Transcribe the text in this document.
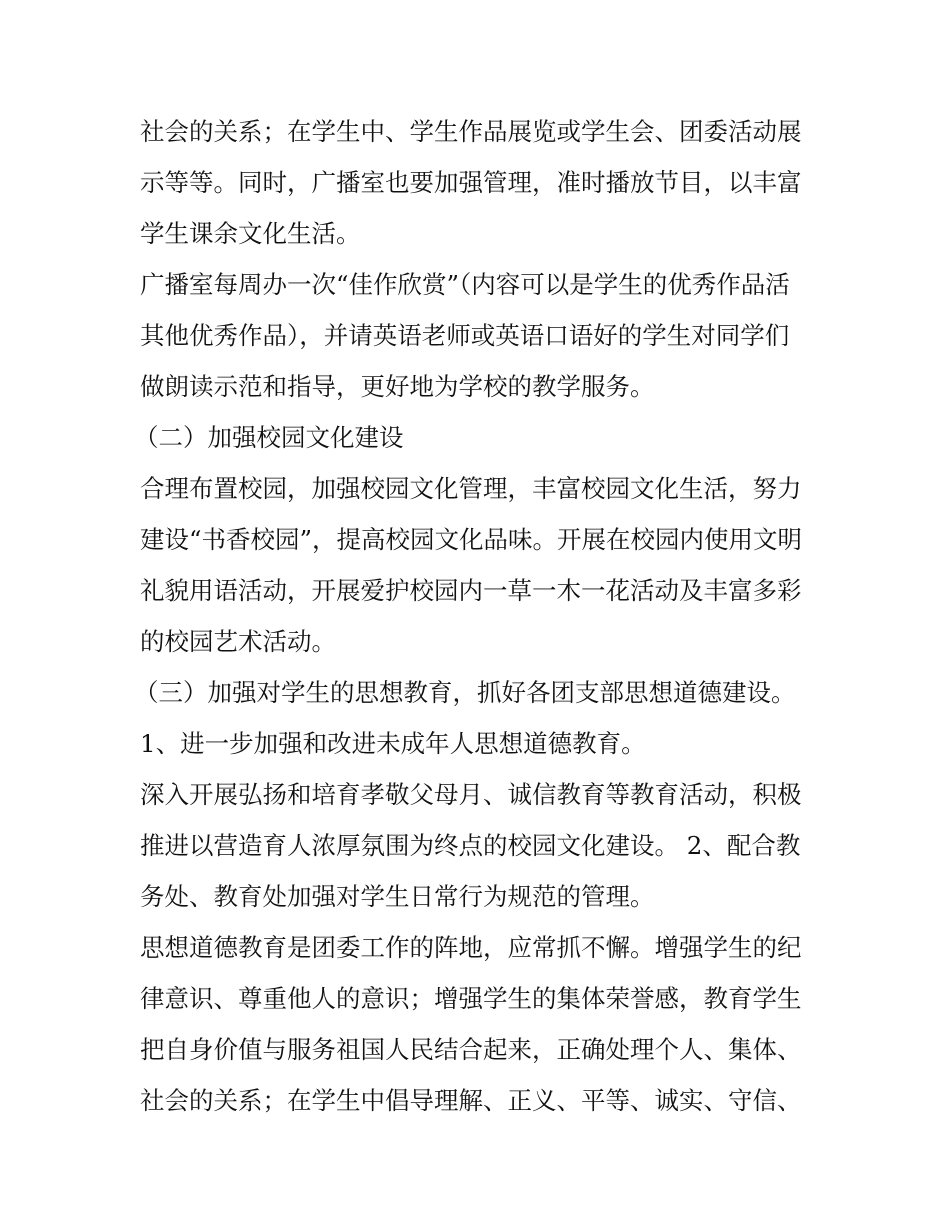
社会的关系；在学生中、学生作品展览或学生会、团委活动展

示等等。同时，广播室也要加强管理，准时播放节目，以丰富

学生课余文化生活。

广播室每周办一次“佳作欣赏”（内容可以是学生的优秀作品活

其他优秀作品），并请英语老师或英语口语好的学生对同学们

做朗读示范和指导，更好地为学校的教学服务。

（二）加强校园文化建设

合理布置校园，加强校园文化管理，丰富校园文化生活，努力

建设“书香校园”，提高校园文化品味。开展在校园内使用文明

礼貌用语活动，开展爱护校园内一草一木一花活动及丰富多彩

的校园艺术活动。

（三）加强对学生的思想教育，抓好各团支部思想道德建设。

1、进一步加强和改进未成年人思想道德教育。

深入开展弘扬和培育孝敬父母月、诚信教育等教育活动，积极

推进以营造育人浓厚氛围为终点的校园文化建设。 2、配合教

务处、教育处加强对学生日常行为规范的管理。

思想道德教育是团委工作的阵地，应常抓不懈。增强学生的纪

律意识、尊重他人的意识；增强学生的集体荣誉感，教育学生

把自身价值与服务祖国人民结合起来，正确处理个人、集体、

社会的关系；在学生中倡导理解、正义、平等、诚实、守信、
